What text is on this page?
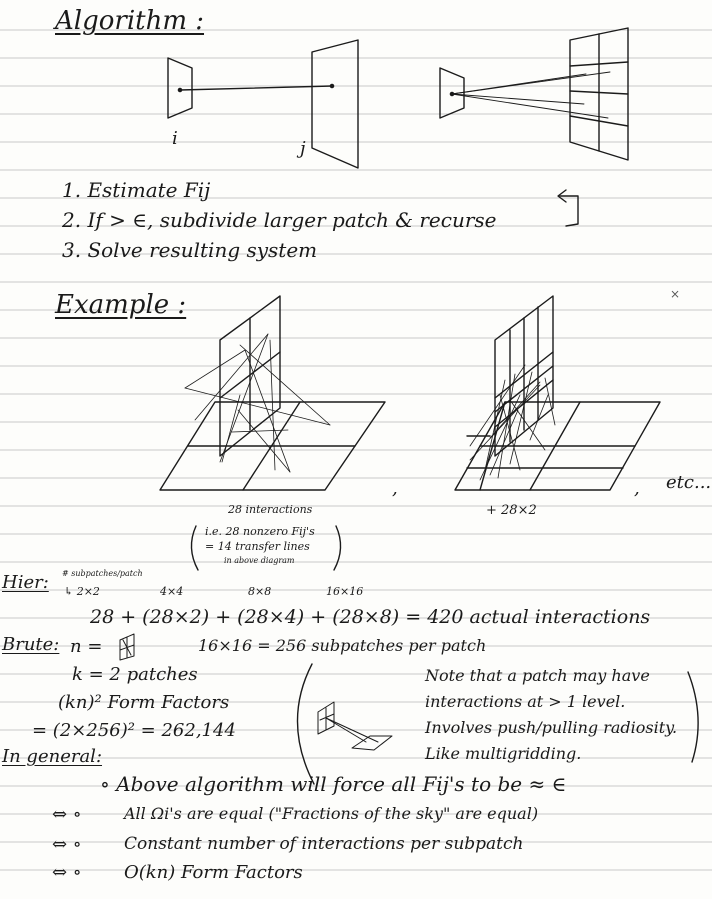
×
Algorithm :
i	j
1. Estimate Fij
2. If > ∈, subdivide larger patch & recurse
3. Solve resulting system
Example :
28 interactions
,
i.e. 28 nonzero Fij's
= 14 transfer lines
in above diagram
+ 28×2
, etc...
Hier: # subpatches/patch
↳ 2×2	4×4	8×8	16×16
28 + (28×2) + (28×4) + (28×8) = 420 actual interactions
Brute: n =	16×16 = 256 subpatches per patch
k = 2 patches
(kn)² Form Factors
= (2×256)² = 262,144
Note that a patch may have
interactions at > 1 level.
Involves push/pulling radiosity.
Like multigridding.
In general:
∘ Above algorithm will force all Fij's to be ≈ ∈
⇔ ∘	All Ωi's are equal ("Fractions of the sky" are equal)
⇔ ∘ Constant number of interactions per subpatch
⇔ ∘ O(kn) Form Factors
